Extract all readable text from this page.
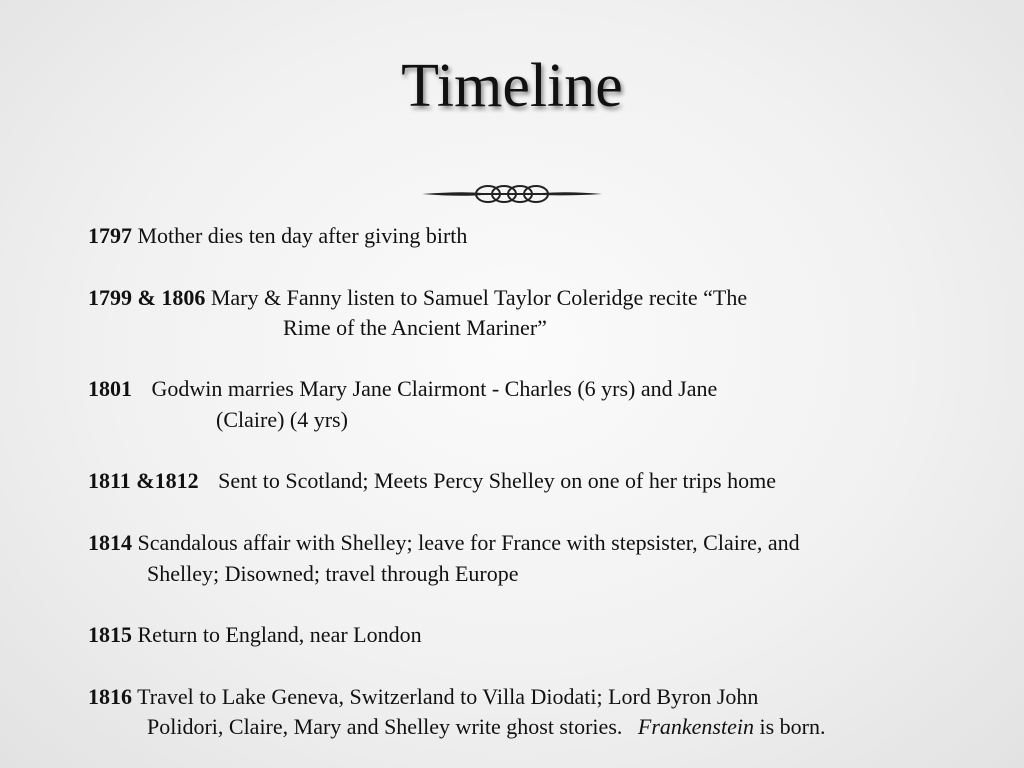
Timeline
1797 Mother dies ten day after giving birth
1799 & 1806 Mary & Fanny listen to Samuel Taylor Coleridge recite “The
Rime of the Ancient Mariner”
1801 Godwin marries Mary Jane Clairmont - Charles (6 yrs) and Jane
(Claire) (4 yrs)
1811 &1812 Sent to Scotland; Meets Percy Shelley on one of her trips home
1814 Scandalous affair with Shelley; leave for France with stepsister, Claire, and
Shelley; Disowned; travel through Europe
1815 Return to England, near London
1816 Travel to Lake Geneva, Switzerland to Villa Diodati; Lord Byron John
Polidori, Claire, Mary and Shelley write ghost stories. Frankenstein is born.
